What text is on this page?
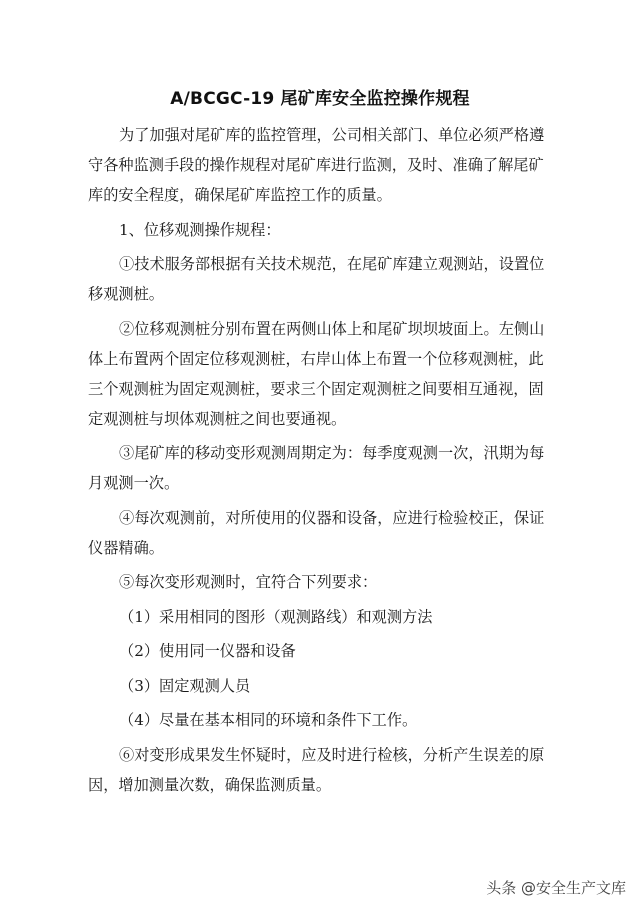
A/BCGC-19 尾矿库安全监控操作规程

为了加强对尾矿库的监控管理，公司相关部门、单位必须严格遵守各种监测手段的操作规程对尾矿库进行监测，及时、准确了解尾矿库的安全程度，确保尾矿库监控工作的质量。

1、位移观测操作规程：

①技术服务部根据有关技术规范，在尾矿库建立观测站，设置位移观测桩。

②位移观测桩分别布置在两侧山体上和尾矿坝坝坡面上。左侧山体上布置两个固定位移观测桩，右岸山体上布置一个位移观测桩，此三个观测桩为固定观测桩，要求三个固定观测桩之间要相互通视，固定观测桩与坝体观测桩之间也要通视。

③尾矿库的移动变形观测周期定为：每季度观测一次，汛期为每月观测一次。

④每次观测前，对所使用的仪器和设备，应进行检验校正，保证仪器精确。

⑤每次变形观测时，宜符合下列要求：

（1）采用相同的图形（观测路线）和观测方法

（2）使用同一仪器和设备

（3）固定观测人员

（4）尽量在基本相同的环境和条件下工作。

⑥对变形成果发生怀疑时，应及时进行检核，分析产生误差的原因，增加测量次数，确保监测质量。

头条 @安全生产文库
